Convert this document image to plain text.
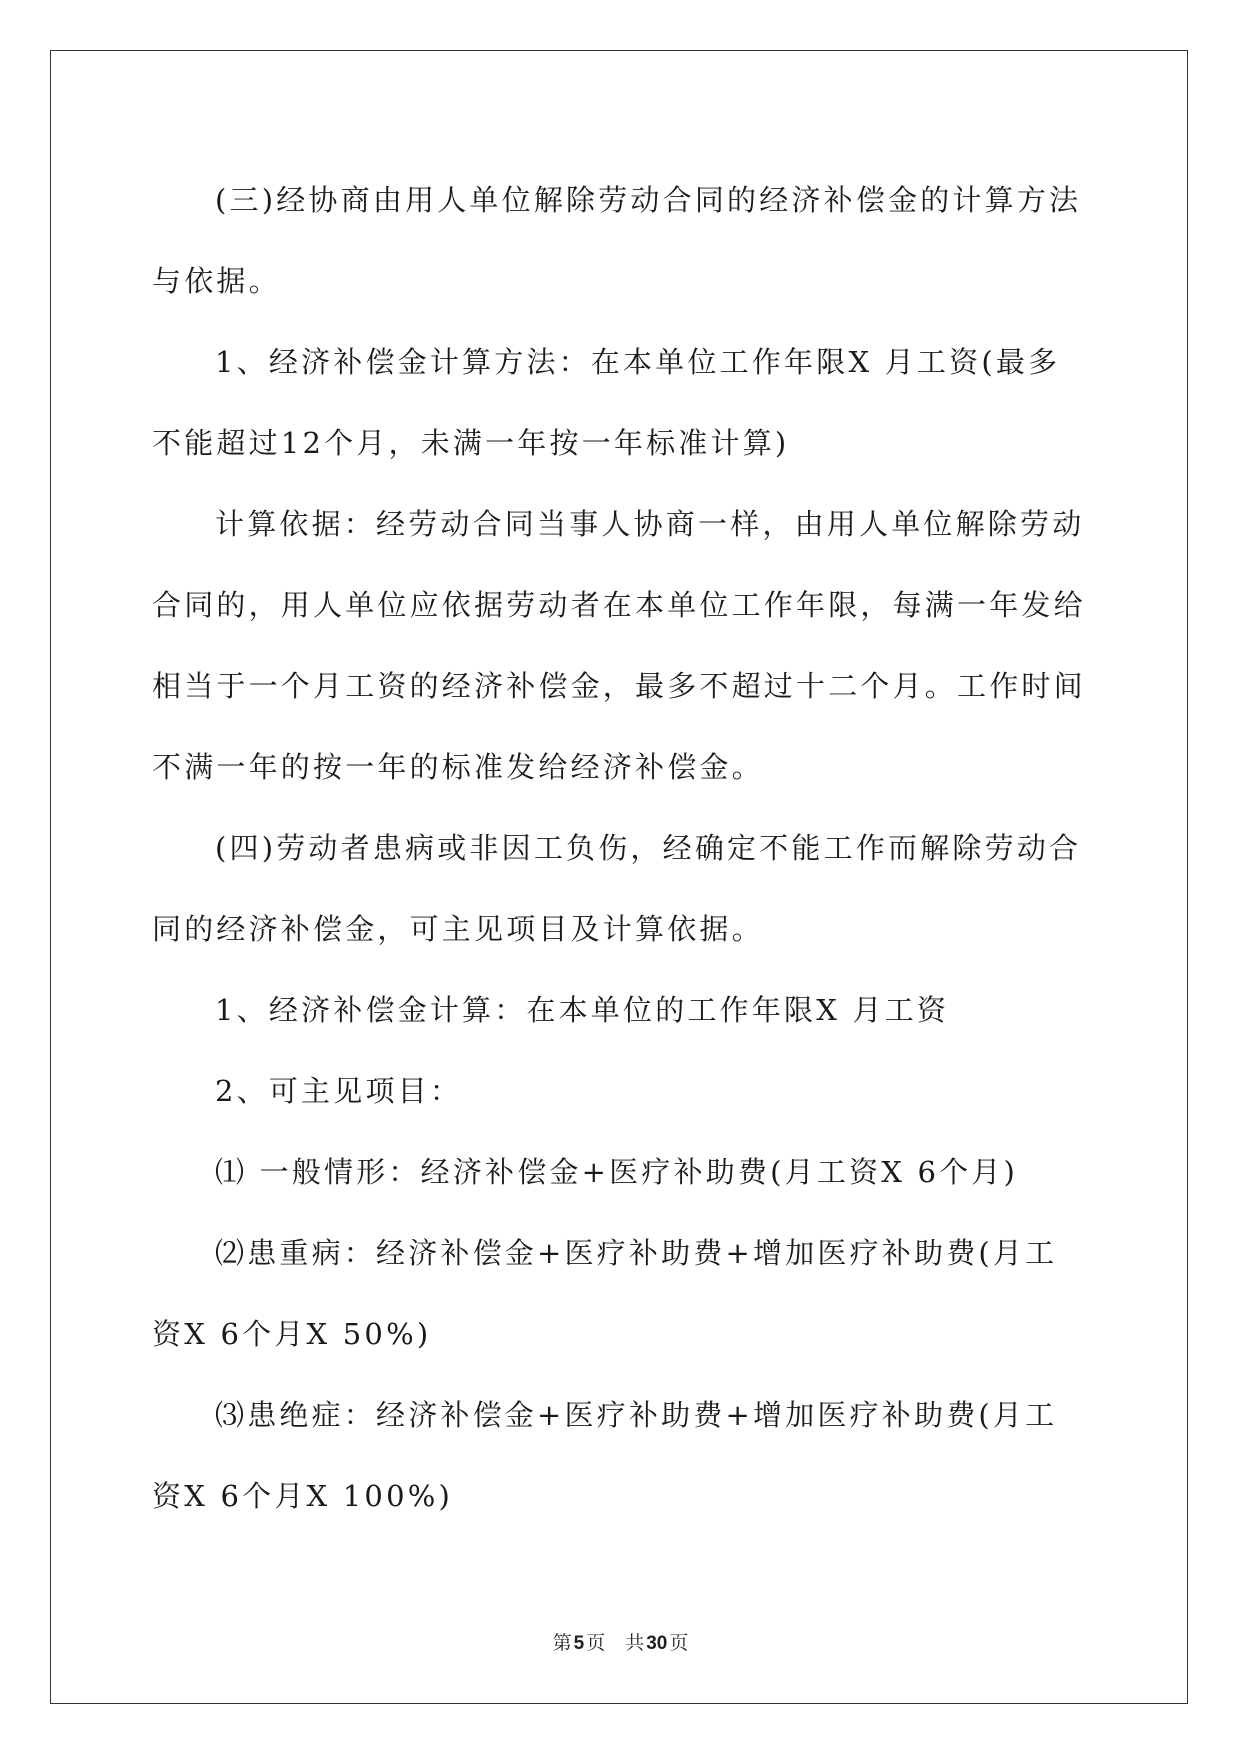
(三)经协商由用人单位解除劳动合同的经济补偿金的计算方法与依据。

1、经济补偿金计算方法：在本单位工作年限X 月工资(最多不能超过12个月，未满一年按一年标准计算)

计算依据：经劳动合同当事人协商一样，由用人单位解除劳动合同的，用人单位应依据劳动者在本单位工作年限，每满一年发给相当于一个月工资的经济补偿金，最多不超过十二个月。工作时间不满一年的按一年的标准发给经济补偿金。

(四)劳动者患病或非因工负伤，经确定不能工作而解除劳动合同的经济补偿金，可主见项目及计算依据。

1、经济补偿金计算：在本单位的工作年限X 月工资

2、可主见项目：

⑴ 一般情形：经济补偿金+医疗补助费(月工资X 6个月)

⑵患重病：经济补偿金+医疗补助费+增加医疗补助费(月工资X 6个月X 50%)

⑶患绝症：经济补偿金+医疗补助费+增加医疗补助费(月工资X 6个月X 100%)

第 5 页 共 30 页
